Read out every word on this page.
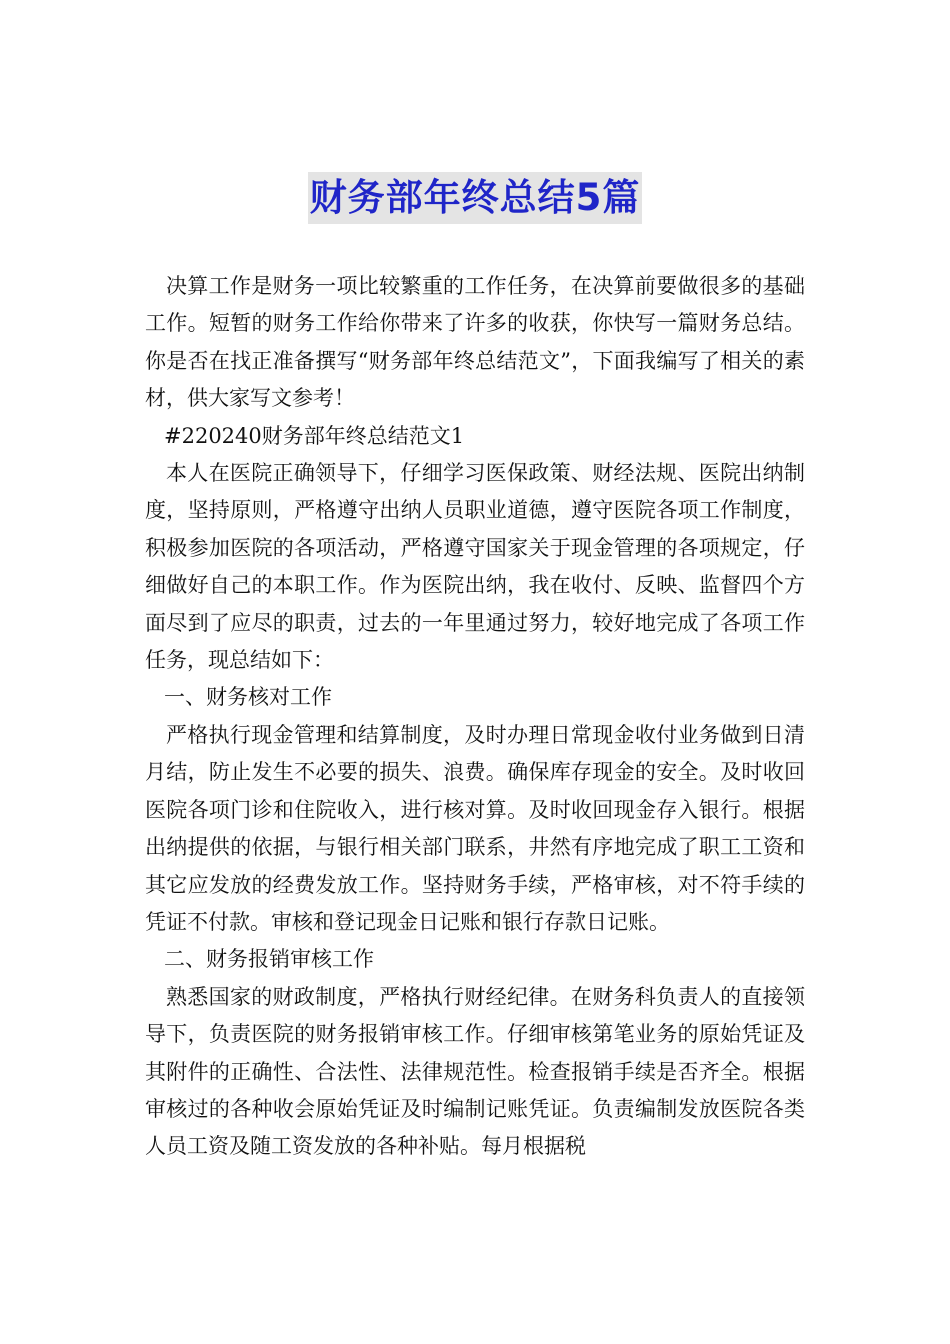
财务部年终总结5篇

决算工作是财务一项比较繁重的工作任务，在决算前要做很多的基础工作。短暂的财务工作给你带来了许多的收获，你快写一篇财务总结。你是否在找正准备撰写“财务部年终总结范文”，下面我编写了相关的素材，供大家写文参考！

#220240财务部年终总结范文1

本人在医院正确领导下，仔细学习医保政策、财经法规、医院出纳制度，坚持原则，严格遵守出纳人员职业道德，遵守医院各项工作制度，积极参加医院的各项活动，严格遵守国家关于现金管理的各项规定，仔细做好自己的本职工作。作为医院出纳，我在收付、反映、监督四个方面尽到了应尽的职责，过去的一年里通过努力，较好地完成了各项工作任务，现总结如下：

一、财务核对工作

严格执行现金管理和结算制度，及时办理日常现金收付业务做到日清月结，防止发生不必要的损失、浪费。确保库存现金的安全。及时收回医院各项门诊和住院收入，进行核对算。及时收回现金存入银行。根据出纳提供的依据，与银行相关部门联系，井然有序地完成了职工工资和其它应发放的经费发放工作。坚持财务手续，严格审核，对不符手续的凭证不付款。审核和登记现金日记账和银行存款日记账。

二、财务报销审核工作

熟悉国家的财政制度，严格执行财经纪律。在财务科负责人的直接领导下，负责医院的财务报销审核工作。仔细审核第笔业务的原始凭证及其附件的正确性、合法性、法律规范性。检查报销手续是否齐全。根据审核过的各种收会原始凭证及时编制记账凭证。负责编制发放医院各类人员工资及随工资发放的各种补贴。每月根据税
